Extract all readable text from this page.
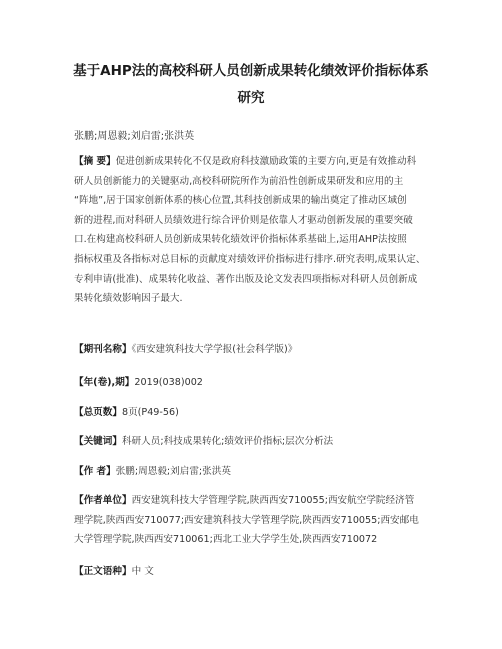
基于AHP法的高校科研人员创新成果转化绩效评价指标体系
研究
张鹏;周恩毅;刘启雷;张洪英
【摘 要】促进创新成果转化不仅是政府科技激励政策的主要方向,更是有效推动科
研人员创新能力的关键驱动,高校科研院所作为前沿性创新成果研发和应用的主
“阵地”,居于国家创新体系的核心位置,其科技创新成果的输出奠定了推动区域创
新的进程,而对科研人员绩效进行综合评价则是依靠人才驱动创新发展的重要突破
口.在构建高校科研人员创新成果转化绩效评价指标体系基础上,运用AHP法按照
指标权重及各指标对总目标的贡献度对绩效评价指标进行排序.研究表明,成果认定、
专利申请(批准)、成果转化收益、著作出版及论文发表四项指标对科研人员创新成
果转化绩效影响因子最大.
【期刊名称】《西安建筑科技大学学报(社会科学版)》
【年(卷),期】2019(038)002
【总页数】8页(P49-56)
【关键词】科研人员;科技成果转化;绩效评价指标;层次分析法
【作 者】张鹏;周恩毅;刘启雷;张洪英
【作者单位】西安建筑科技大学管理学院,陕西西安710055;西安航空学院经济管
理学院,陕西西安710077;西安建筑科技大学管理学院,陕西西安710055;西安邮电
大学管理学院,陕西西安710061;西北工业大学学生处,陕西西安710072
【正文语种】中 文
